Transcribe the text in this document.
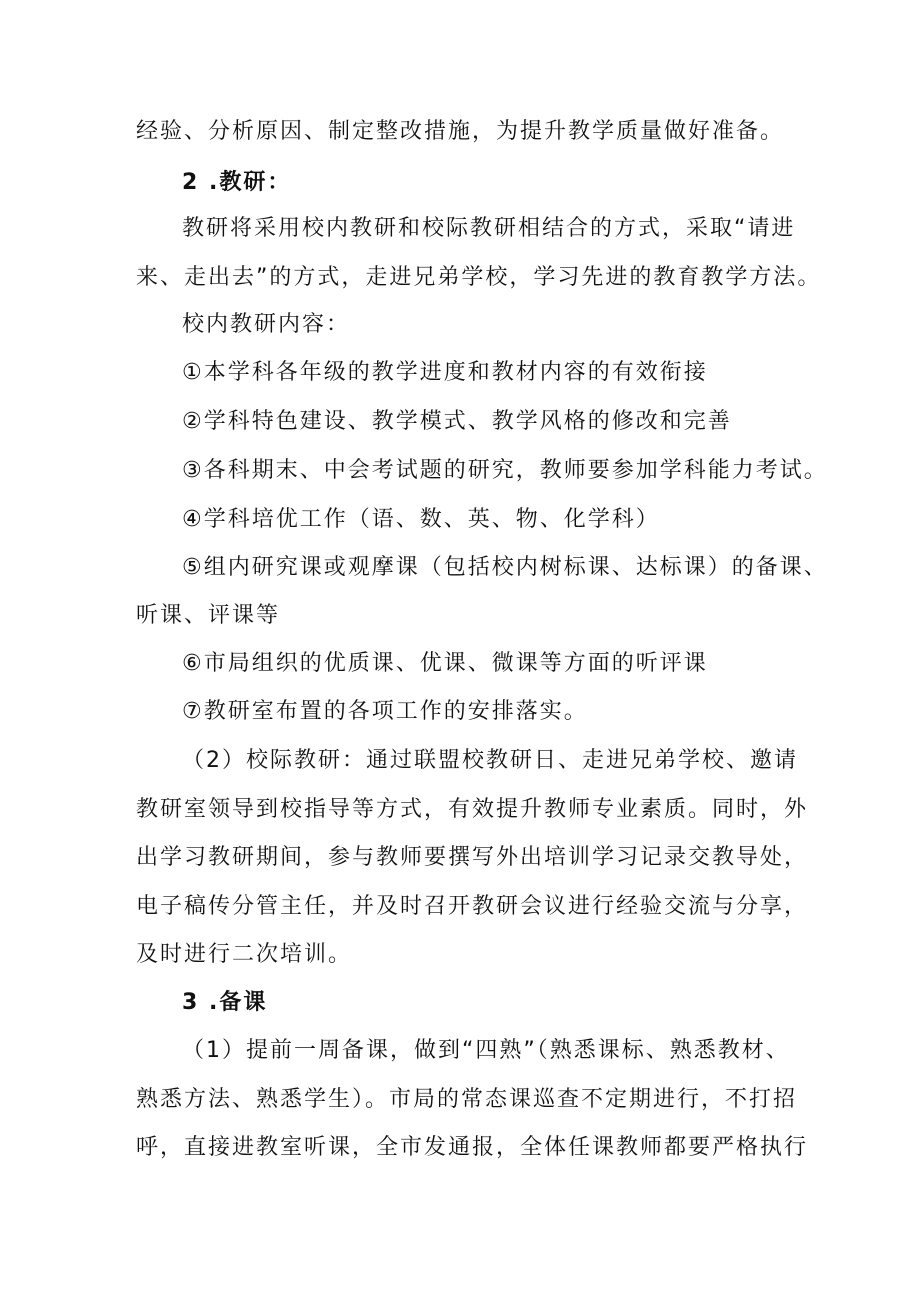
经验、分析原因、制定整改措施，为提升教学质量做好准备。
2 .教研：
教研将采用校内教研和校际教研相结合的方式，采取“请进
来、走出去”的方式，走进兄弟学校，学习先进的教育教学方法。
校内教研内容：
①本学科各年级的教学进度和教材内容的有效衔接
②学科特色建设、教学模式、教学风格的修改和完善
③各科期末、中会考试题的研究，教师要参加学科能力考试。
④学科培优工作（语、数、英、物、化学科）
⑤组内研究课或观摩课（包括校内树标课、达标课）的备课、
听课、评课等
⑥市局组织的优质课、优课、微课等方面的听评课
⑦教研室布置的各项工作的安排落实。
（2）校际教研：通过联盟校教研日、走进兄弟学校、邀请
教研室领导到校指导等方式，有效提升教师专业素质。同时，外
出学习教研期间，参与教师要撰写外出培训学习记录交教导处，
电子稿传分管主任，并及时召开教研会议进行经验交流与分享，
及时进行二次培训。
3 .备课
（1）提前一周备课，做到“四熟”（熟悉课标、熟悉教材、
熟悉方法、熟悉学生）。市局的常态课巡查不定期进行，不打招
呼，直接进教室听课，全市发通报，全体任课教师都要严格执行
